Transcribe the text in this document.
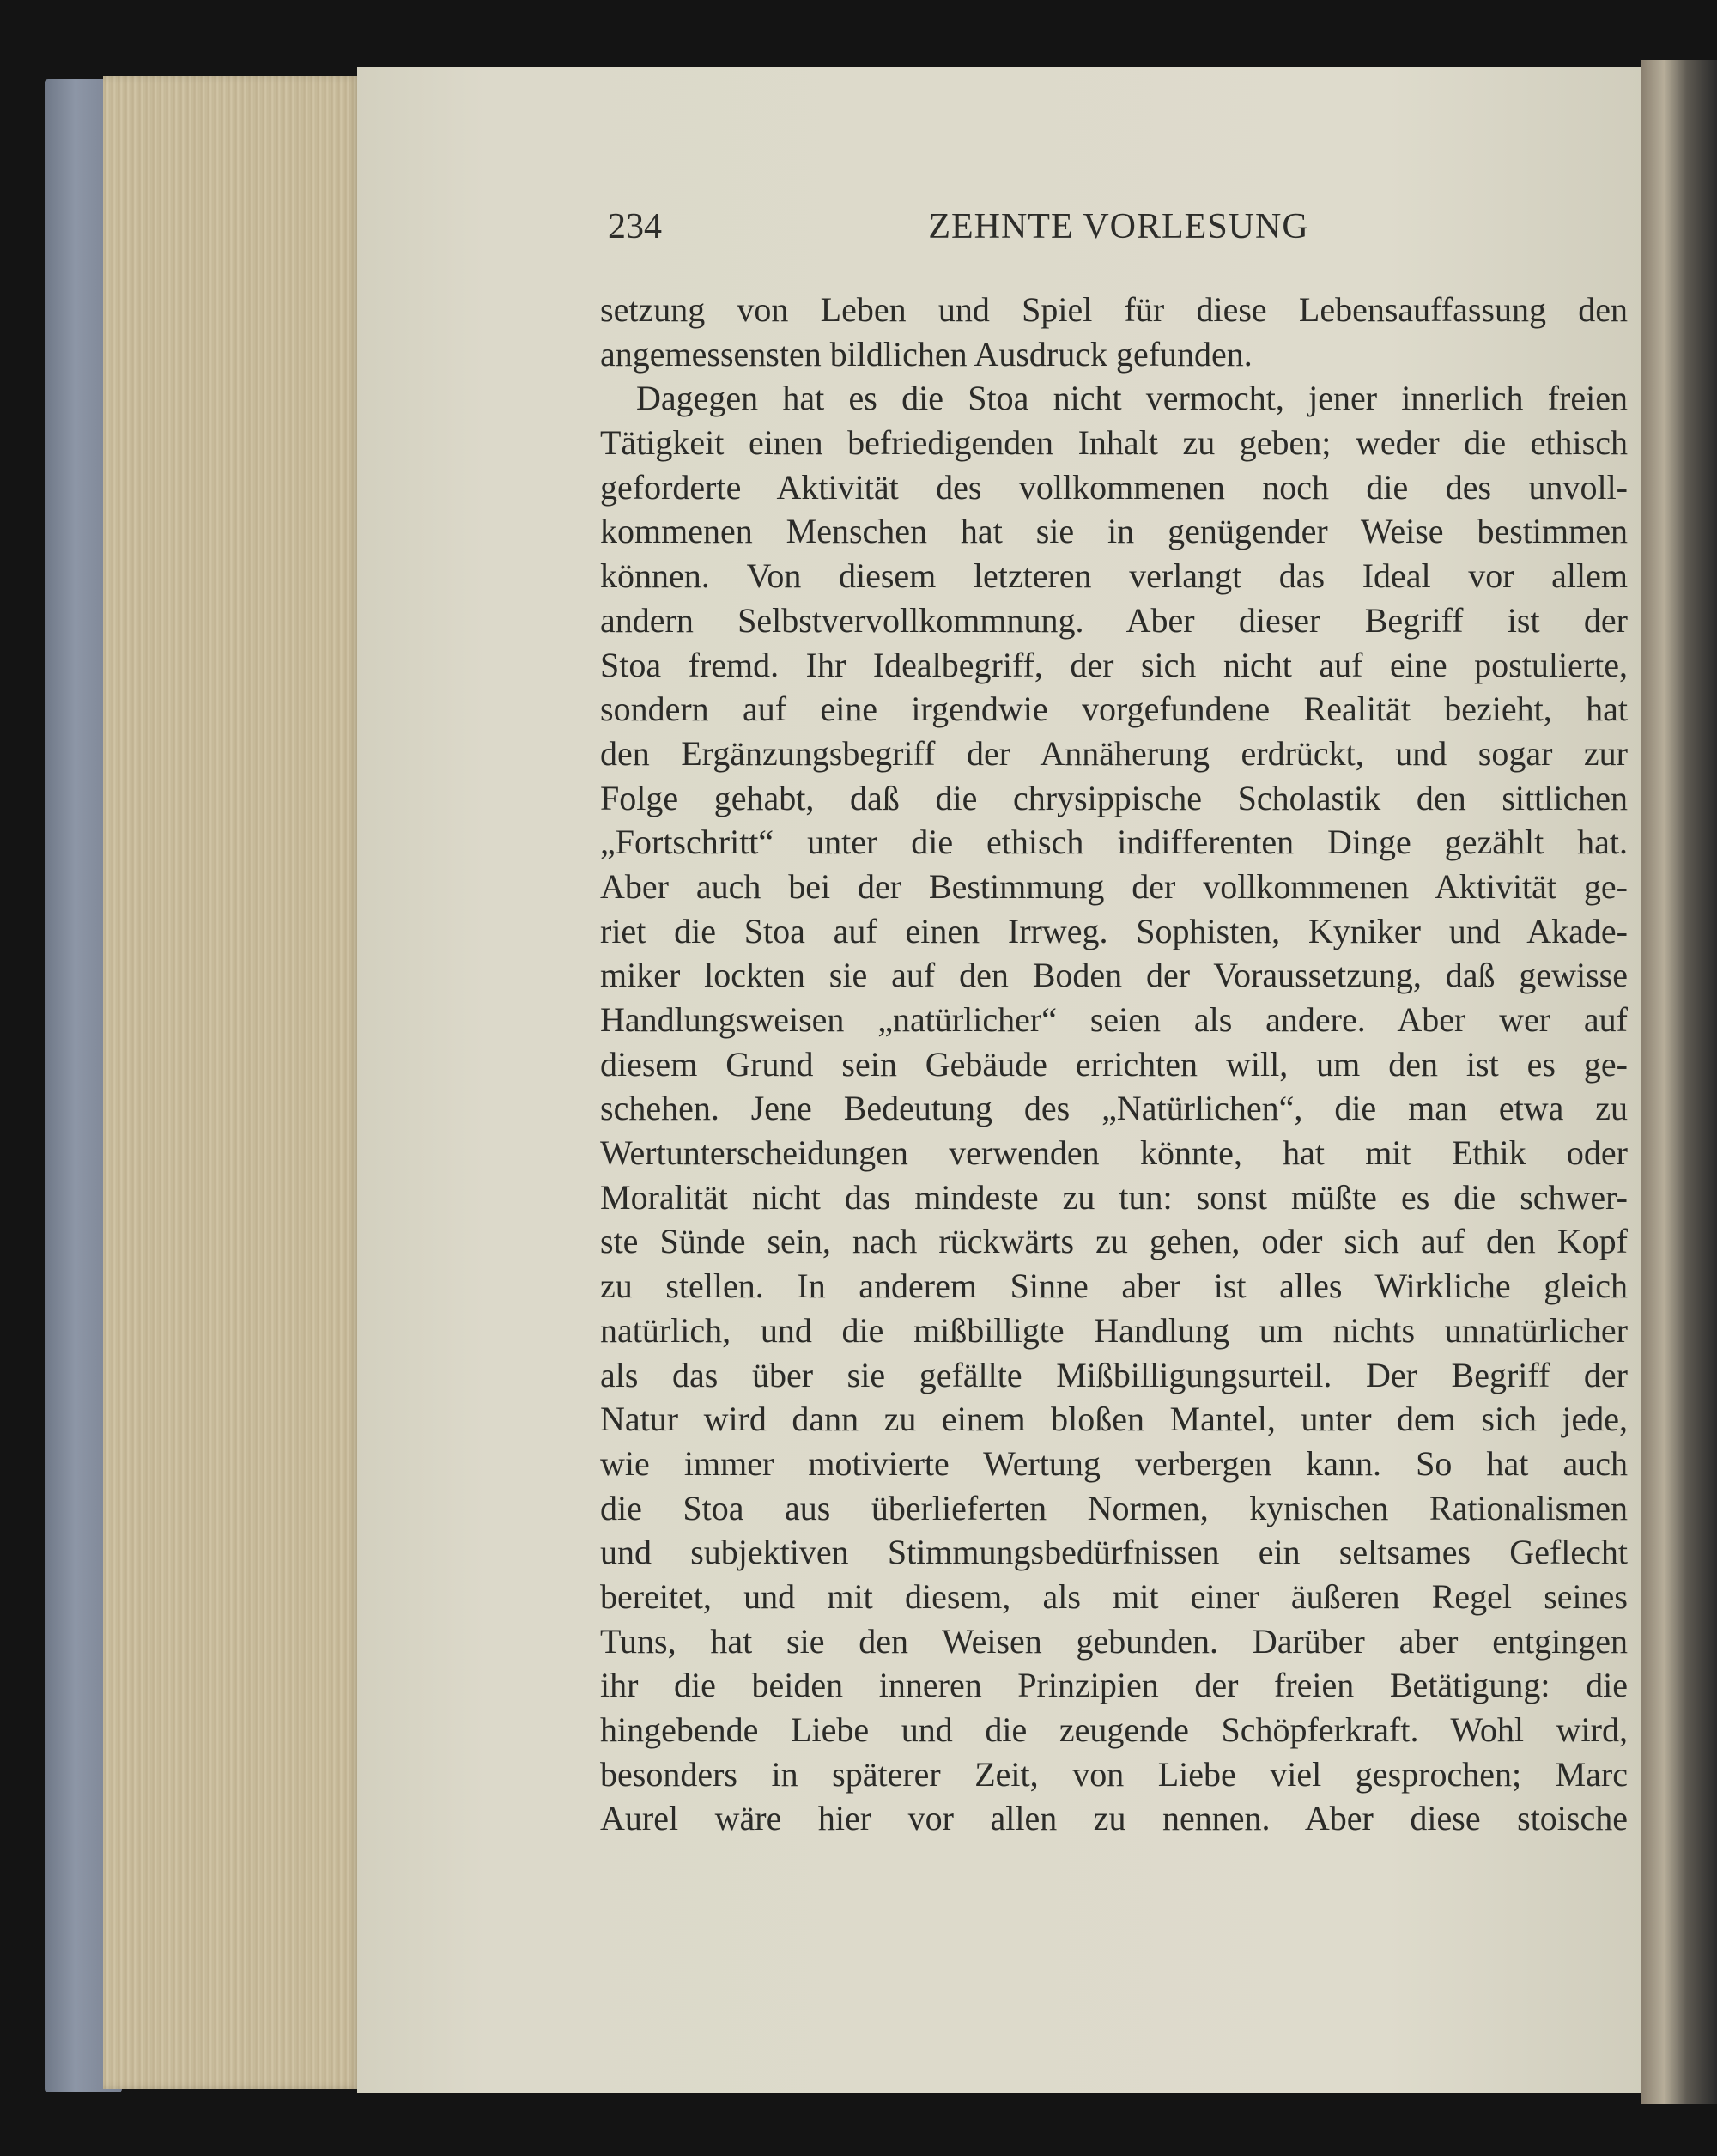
234	ZEHNTE VORLESUNG
setzung von Leben und Spiel für diese Lebensauffassung den
angemessensten bildlichen Ausdruck gefunden.
Dagegen hat es die Stoa nicht vermocht, jener innerlich freien
Tätigkeit einen befriedigenden Inhalt zu geben; weder die ethisch
geforderte Aktivität des vollkommenen noch die des unvoll-
kommenen Menschen hat sie in genügender Weise bestimmen
können. Von diesem letzteren verlangt das Ideal vor allem
andern Selbstvervollkommnung. Aber dieser Begriff ist der
Stoa fremd. Ihr Idealbegriff, der sich nicht auf eine postulierte,
sondern auf eine irgendwie vorgefundene Realität bezieht, hat
den Ergänzungsbegriff der Annäherung erdrückt, und sogar zur
Folge gehabt, daß die chrysippische Scholastik den sittlichen
„Fortschritt“ unter die ethisch indifferenten Dinge gezählt hat.
Aber auch bei der Bestimmung der vollkommenen Aktivität ge-
riet die Stoa auf einen Irrweg. Sophisten, Kyniker und Akade-
miker lockten sie auf den Boden der Voraussetzung, daß gewisse
Handlungsweisen „natürlicher“ seien als andere. Aber wer auf
diesem Grund sein Gebäude errichten will, um den ist es ge-
schehen. Jene Bedeutung des „Natürlichen“, die man etwa zu
Wertunterscheidungen verwenden könnte, hat mit Ethik oder
Moralität nicht das mindeste zu tun: sonst müßte es die schwer-
ste Sünde sein, nach rückwärts zu gehen, oder sich auf den Kopf
zu stellen. In anderem Sinne aber ist alles Wirkliche gleich
natürlich, und die mißbilligte Handlung um nichts unnatürlicher
als das über sie gefällte Mißbilligungsurteil. Der Begriff der
Natur wird dann zu einem bloßen Mantel, unter dem sich jede,
wie immer motivierte Wertung verbergen kann. So hat auch
die Stoa aus überlieferten Normen, kynischen Rationalismen
und subjektiven Stimmungsbedürfnissen ein seltsames Geflecht
bereitet, und mit diesem, als mit einer äußeren Regel seines
Tuns, hat sie den Weisen gebunden. Darüber aber entgingen
ihr die beiden inneren Prinzipien der freien Betätigung: die
hingebende Liebe und die zeugende Schöpferkraft. Wohl wird,
besonders in späterer Zeit, von Liebe viel gesprochen; Marc
Aurel wäre hier vor allen zu nennen. Aber diese stoische
